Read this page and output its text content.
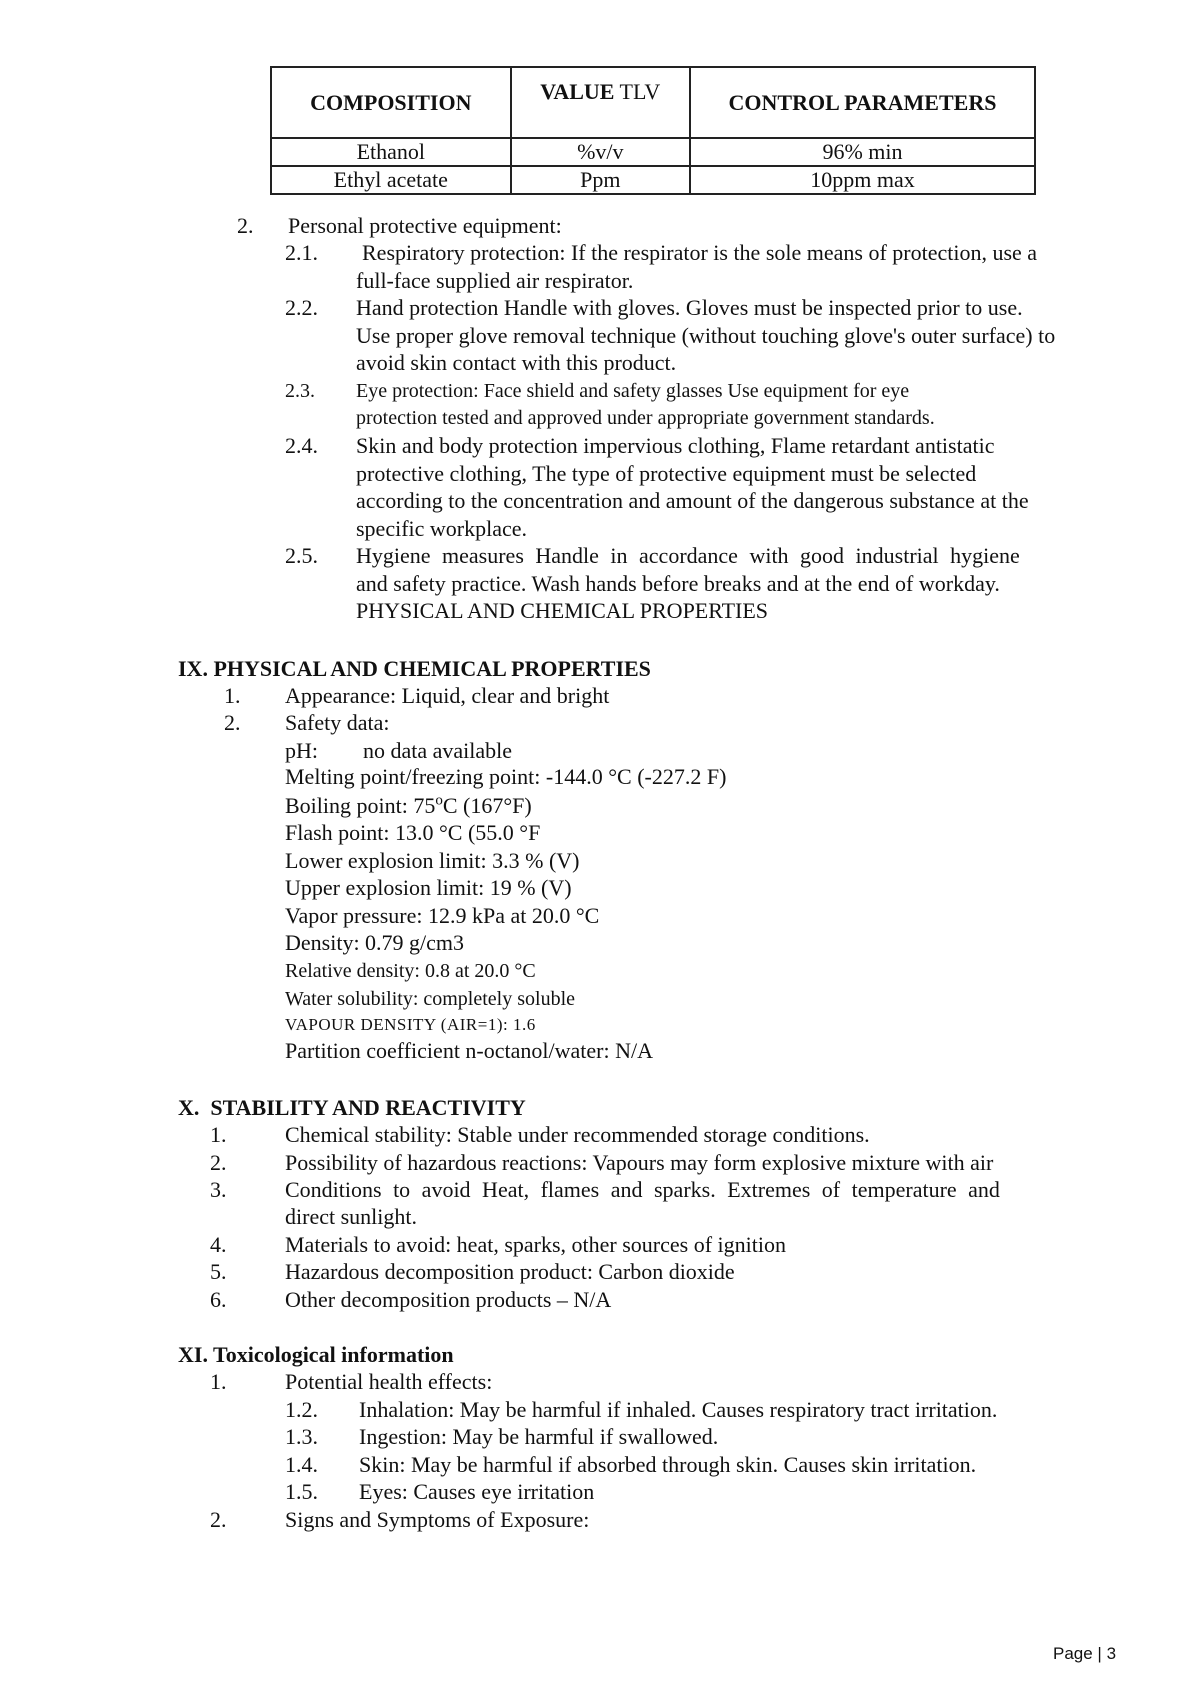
COMPOSITION	VALUE TLV	CONTROL PARAMETERS
Ethanol	%v/v	96% min
Ethyl acetate	Ppm	10ppm max
2. Personal protective equipment:
2.1. Respiratory protection: If the respirator is the sole means of protection, use a
full-face supplied air respirator.
2.2. Hand protection Handle with gloves. Gloves must be inspected prior to use.
Use proper glove removal technique (without touching glove's outer surface) to
avoid skin contact with this product.
2.3. Eye protection: Face shield and safety glasses Use equipment for eye
protection tested and approved under appropriate government standards.
2.4. Skin and body protection impervious clothing, Flame retardant antistatic
protective clothing, The type of protective equipment must be selected
according to the concentration and amount of the dangerous substance at the
specific workplace.
2.5. Hygiene measures Handle in accordance with good industrial hygiene
and safety practice. Wash hands before breaks and at the end of workday.
PHYSICAL AND CHEMICAL PROPERTIES
IX. PHYSICAL AND CHEMICAL PROPERTIES
1. Appearance: Liquid, clear and bright
2. Safety data:
pH: no data available
Melting point/freezing point: -144.0 °C (-227.2 F)
Boiling point: 75$^o$C (167°F)
Flash point: 13.0 °C (55.0 °F
Lower explosion limit: 3.3 % (V)
Upper explosion limit: 19 % (V)
Vapor pressure: 12.9 kPa at 20.0 °C
Density: 0.79 g/cm3
Relative density: 0.8 at 20.0 °C
Water solubility: completely soluble
VAPOUR DENSITY (AIR=1): 1.6
Partition coefficient n-octanol/water: N/A
X.  STABILITY AND REACTIVITY
1.	Chemical stability: Stable under recommended storage conditions.
2.	Possibility of hazardous reactions: Vapours may form explosive mixture with air
3.	Conditions to avoid Heat, flames and sparks. Extremes of temperature and
direct sunlight.
4.	Materials to avoid: heat, sparks, other sources of ignition
5.	Hazardous decomposition product: Carbon dioxide
6.	Other decomposition products – N/A
XI. Toxicological information
1.	Potential health effects:
1.2. Inhalation: May be harmful if inhaled. Causes respiratory tract irritation.
1.3. Ingestion: May be harmful if swallowed.
1.4. Skin: May be harmful if absorbed through skin. Causes skin irritation.
1.5. Eyes: Causes eye irritation
2.	Signs and Symptoms of Exposure:
Page | 3
